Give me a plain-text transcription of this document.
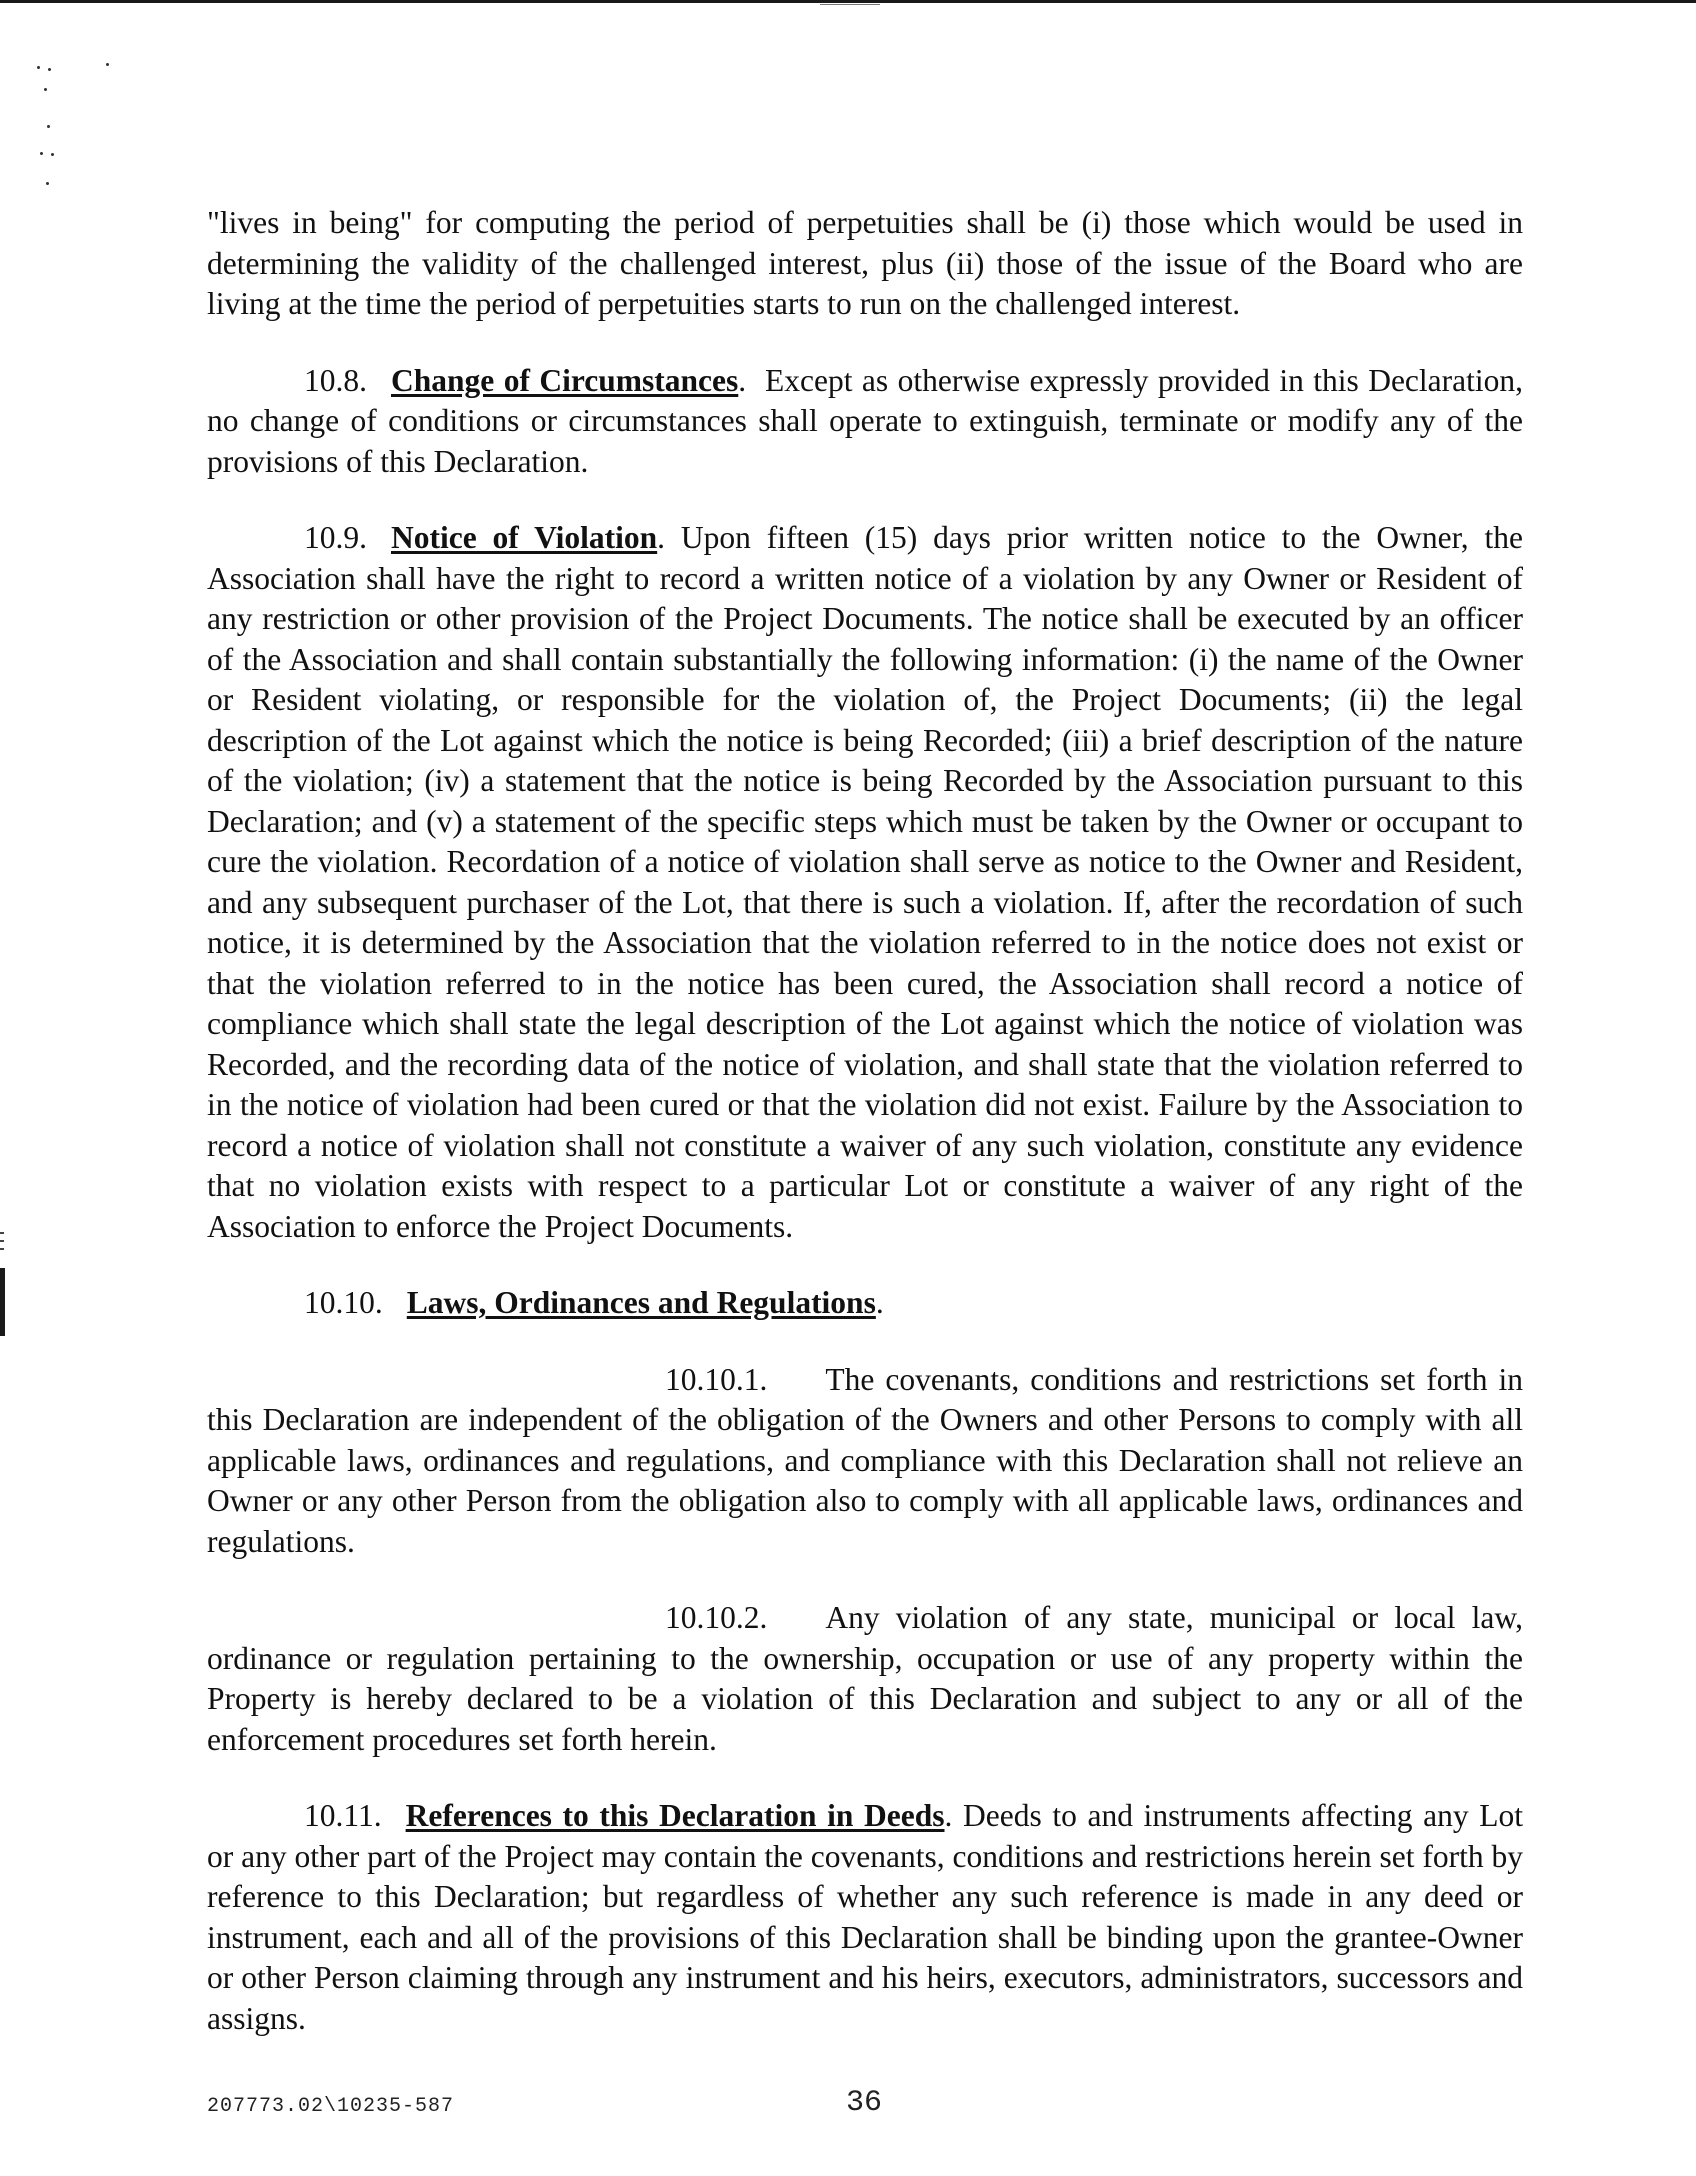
"lives in being" for computing the period of perpetuities shall be (i) those which would be used in determining the validity of the challenged interest, plus (ii) those of the issue of the Board who are living at the time the period of perpetuities starts to run on the challenged interest.

10.8. Change of Circumstances. Except as otherwise expressly provided in this Declaration, no change of conditions or circumstances shall operate to extinguish, terminate or modify any of the provisions of this Declaration.

10.9. Notice of Violation. Upon fifteen (15) days prior written notice to the Owner, the Association shall have the right to record a written notice of a violation by any Owner or Resident of any restriction or other provision of the Project Documents. The notice shall be executed by an officer of the Association and shall contain substantially the following information: (i) the name of the Owner or Resident violating, or responsible for the violation of, the Project Documents; (ii) the legal description of the Lot against which the notice is being Recorded; (iii) a brief description of the nature of the violation; (iv) a statement that the notice is being Recorded by the Association pursuant to this Declaration; and (v) a statement of the specific steps which must be taken by the Owner or occupant to cure the violation. Recordation of a notice of violation shall serve as notice to the Owner and Resident, and any subsequent purchaser of the Lot, that there is such a violation. If, after the recordation of such notice, it is determined by the Association that the violation referred to in the notice does not exist or that the violation referred to in the notice has been cured, the Association shall record a notice of compliance which shall state the legal description of the Lot against which the notice of violation was Recorded, and the recording data of the notice of violation, and shall state that the violation referred to in the notice of violation had been cured or that the violation did not exist. Failure by the Association to record a notice of violation shall not constitute a waiver of any such violation, constitute any evidence that no violation exists with respect to a particular Lot or constitute a waiver of any right of the Association to enforce the Project Documents.

10.10. Laws, Ordinances and Regulations.

10.10.1. The covenants, conditions and restrictions set forth in this Declaration are independent of the obligation of the Owners and other Persons to comply with all applicable laws, ordinances and regulations, and compliance with this Declaration shall not relieve an Owner or any other Person from the obligation also to comply with all applicable laws, ordinances and regulations.

10.10.2. Any violation of any state, municipal or local law, ordinance or regulation pertaining to the ownership, occupation or use of any property within the Property is hereby declared to be a violation of this Declaration and subject to any or all of the enforcement procedures set forth herein.

10.11. References to this Declaration in Deeds. Deeds to and instruments affecting any Lot or any other part of the Project may contain the covenants, conditions and restrictions herein set forth by reference to this Declaration; but regardless of whether any such reference is made in any deed or instrument, each and all of the provisions of this Declaration shall be binding upon the grantee-Owner or other Person claiming through any instrument and his heirs, executors, administrators, successors and assigns.

207773.02\10235-587	36
